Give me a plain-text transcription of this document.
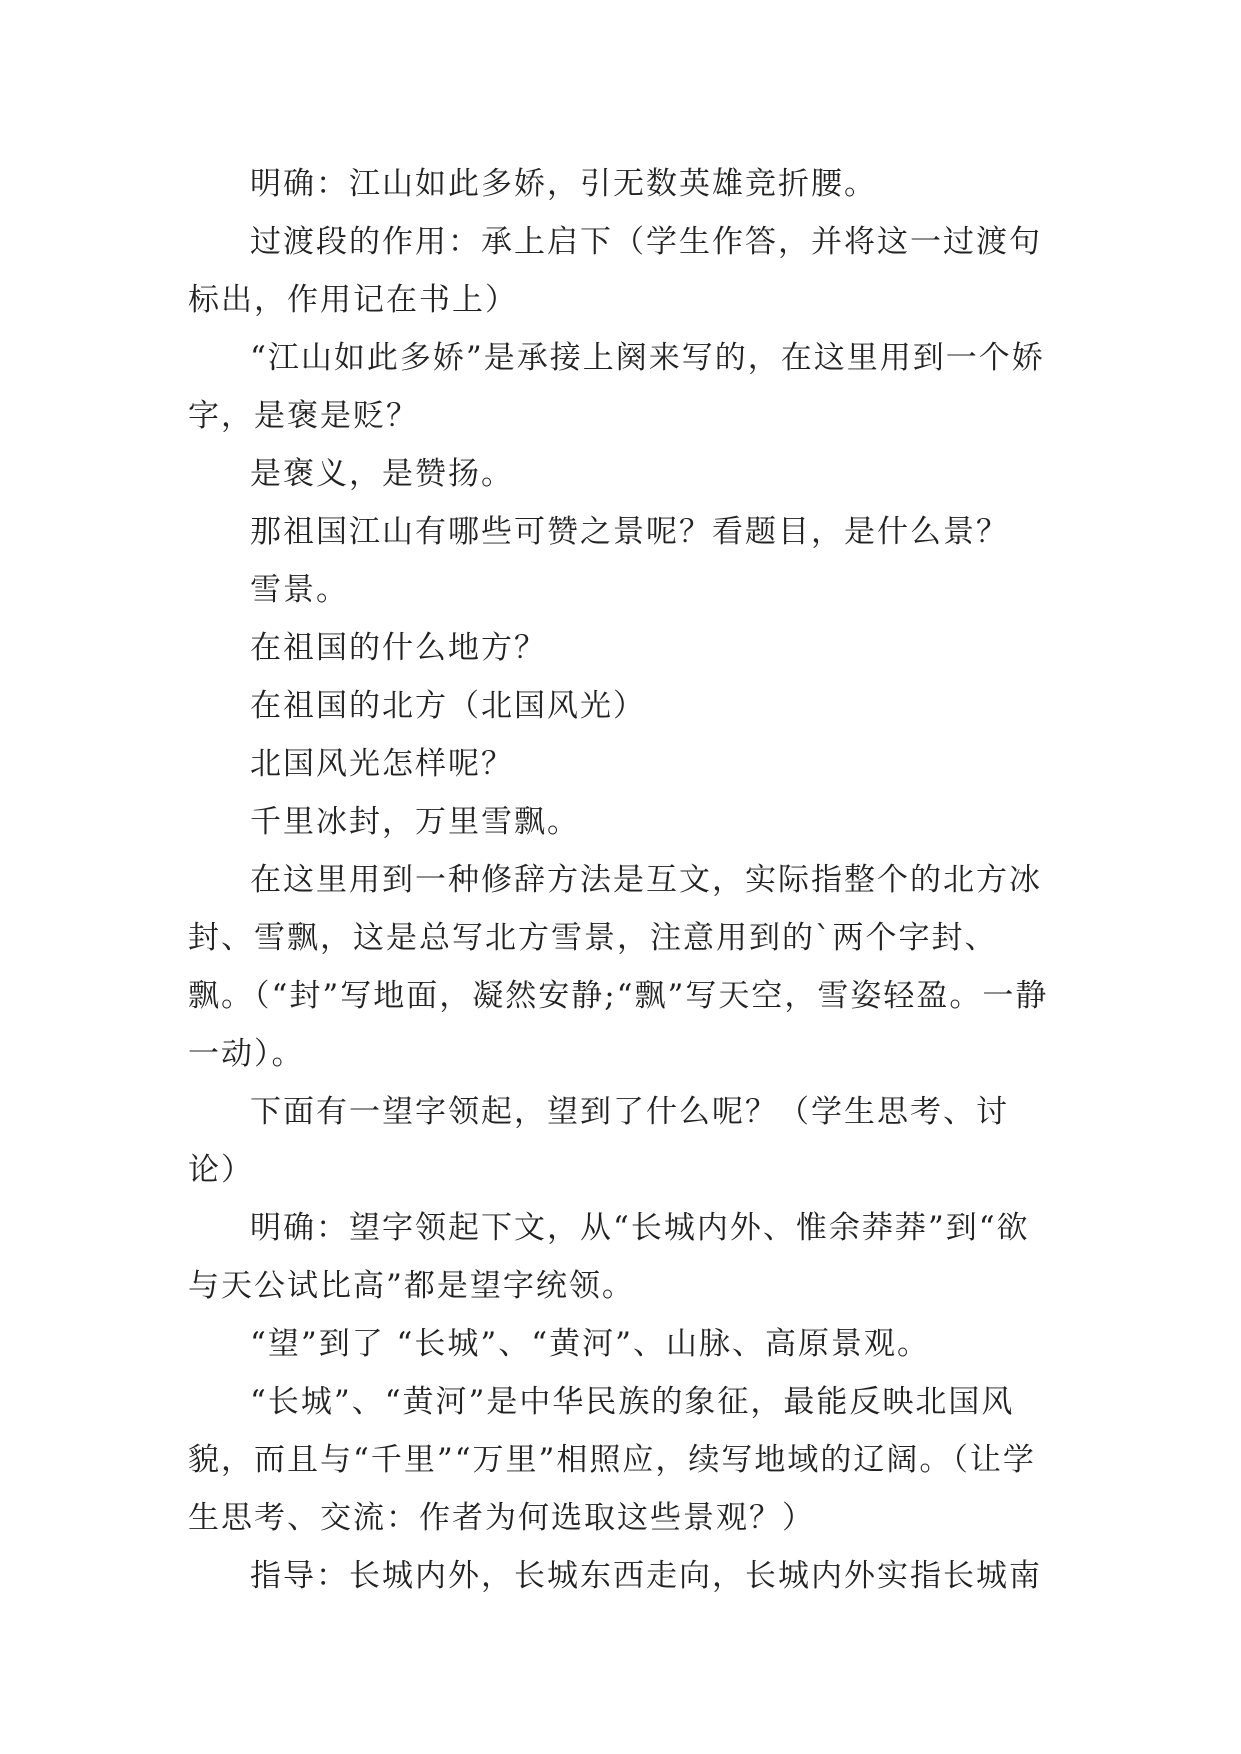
明确：江山如此多娇，引无数英雄竞折腰。

过渡段的作用：承上启下（学生作答，并将这一过渡句标出，作用记在书上）

“江山如此多娇”是承接上阕来写的，在这里用到一个娇字，是褒是贬？

是褒义，是赞扬。

那祖国江山有哪些可赞之景呢？看题目，是什么景？

雪景。

在祖国的什么地方？

在祖国的北方（北国风光）

北国风光怎样呢？

千里冰封，万里雪飘。

在这里用到一种修辞方法是互文，实际指整个的北方冰封、雪飘，这是总写北方雪景，注意用到的`两个字封、飘。（“封”写地面，凝然安静;“飘”写天空，雪姿轻盈。一静一动）。

下面有一望字领起，望到了什么呢？（学生思考、讨论）

明确：望字领起下文，从“长城内外、惟余莽莽”到“欲与天公试比高”都是望字统领。

“望”到了 “长城”、“黄河”、山脉、高原景观。

“长城”、“黄河”是中华民族的象征，最能反映北国风貌，而且与“千里”“万里”相照应，续写地域的辽阔。（让学生思考、交流：作者为何选取这些景观？）

指导：长城内外，长城东西走向，长城内外实指长城南
